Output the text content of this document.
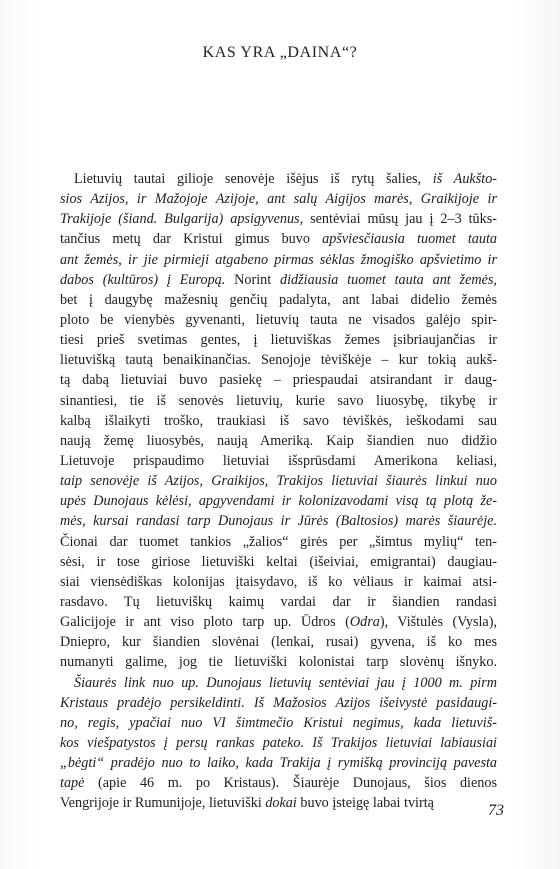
KAS YRA „DAINA“?
Lietuvių tautai gilioje senovėje išėjus iš rytų šalies, iš Aukšto-
sios Azijos, ir Mažojoje Azijoje, ant salų Aigijos marės, Graikijoje ir
Trakijoje (šiand. Bulgarija) apsigyvenus, sentėviai mūsų jau į 2–3 tūks-
tančius metų dar Kristui gimus buvo apšviesčiausia tuomet tauta
ant žemės, ir jie pirmieji atgabeno pirmas sėklas žmogiško apšvietimo ir
dabos (kultūros) į Europą. Norint didžiausia tuomet tauta ant žemės,
bet į daugybę mažesnių genčių padalyta, ant labai didelio žemės
ploto be vienybės gyvenanti, lietuvių tauta ne visados galėjo spir-
tiesi prieš svetimas gentes, į lietuviškas žemes įsibriaujančias ir
lietuvišką tautą benaikinančias. Senojoje tėviškėje – kur tokią aukš-
tą dabą lietuviai buvo pasiekę – priespaudai atsirandant ir daug-
sinantiesi, tie iš senovės lietuvių, kurie savo liuosybę, tikybę ir
kalbą išlaikyti troško, traukiasi iš savo tėviškės, ieškodami sau
naują žemę liuosybės, naują Ameriką. Kaip šiandien nuo didžio
Lietuvoje prispaudimo lietuviai išsprūsdami Amerikona keliasi,
taip senovėje iš Azijos, Graikijos, Trakijos lietuviai šiaurės linkui nuo
upės Dunojaus kėlėsi, apgyvendami ir kolonizavodami visą tą plotą že-
mės, kursai randasi tarp Dunojaus ir Jūrės (Baltosios) marės šiaurėje.
Čionai dar tuomet tankios „žalios“ girės per „šimtus mylių“ ten-
sėsi, ir tose giriose lietuviški keltai (išeiviai, emigrantai) daugiau-
siai viensėdiškas kolonijas įtaisydavo, iš ko vėliaus ir kaimai atsi-
rasdavo. Tų lietuviškų kaimų vardai dar ir šiandien randasi
Galicijoje ir ant viso ploto tarp up. Ūdros (Odra), Vištulės (Vysla),
Dniepro, kur šiandien slovėnai (lenkai, rusai) gyvena, iš ko mes
numanyti galime, jog tie lietuviški kolonistai tarp slovėnų išnyko.
Šiaurės link nuo up. Dunojaus lietuvių sentėviai jau į 1000 m. pirm
Kristaus pradėjo persikeldinti. Iš Mažosios Azijos išeivystė pasidaugi-
no, regis, ypačiai nuo VI šimtmečio Kristui negimus, kada lietuviš-
kos viešpatystos į persų rankas pateko. Iš Trakijos lietuviai labiausiai
„bėgti“ pradėjo nuo to laiko, kada Trakija į rymišką provinciją pavesta
tapė (apie 46 m. po Kristaus). Šiaurėje Dunojaus, šios dienos
Vengrijoje ir Rumunijoje, lietuviški dokai buvo įsteigę labai tvirtą	73
